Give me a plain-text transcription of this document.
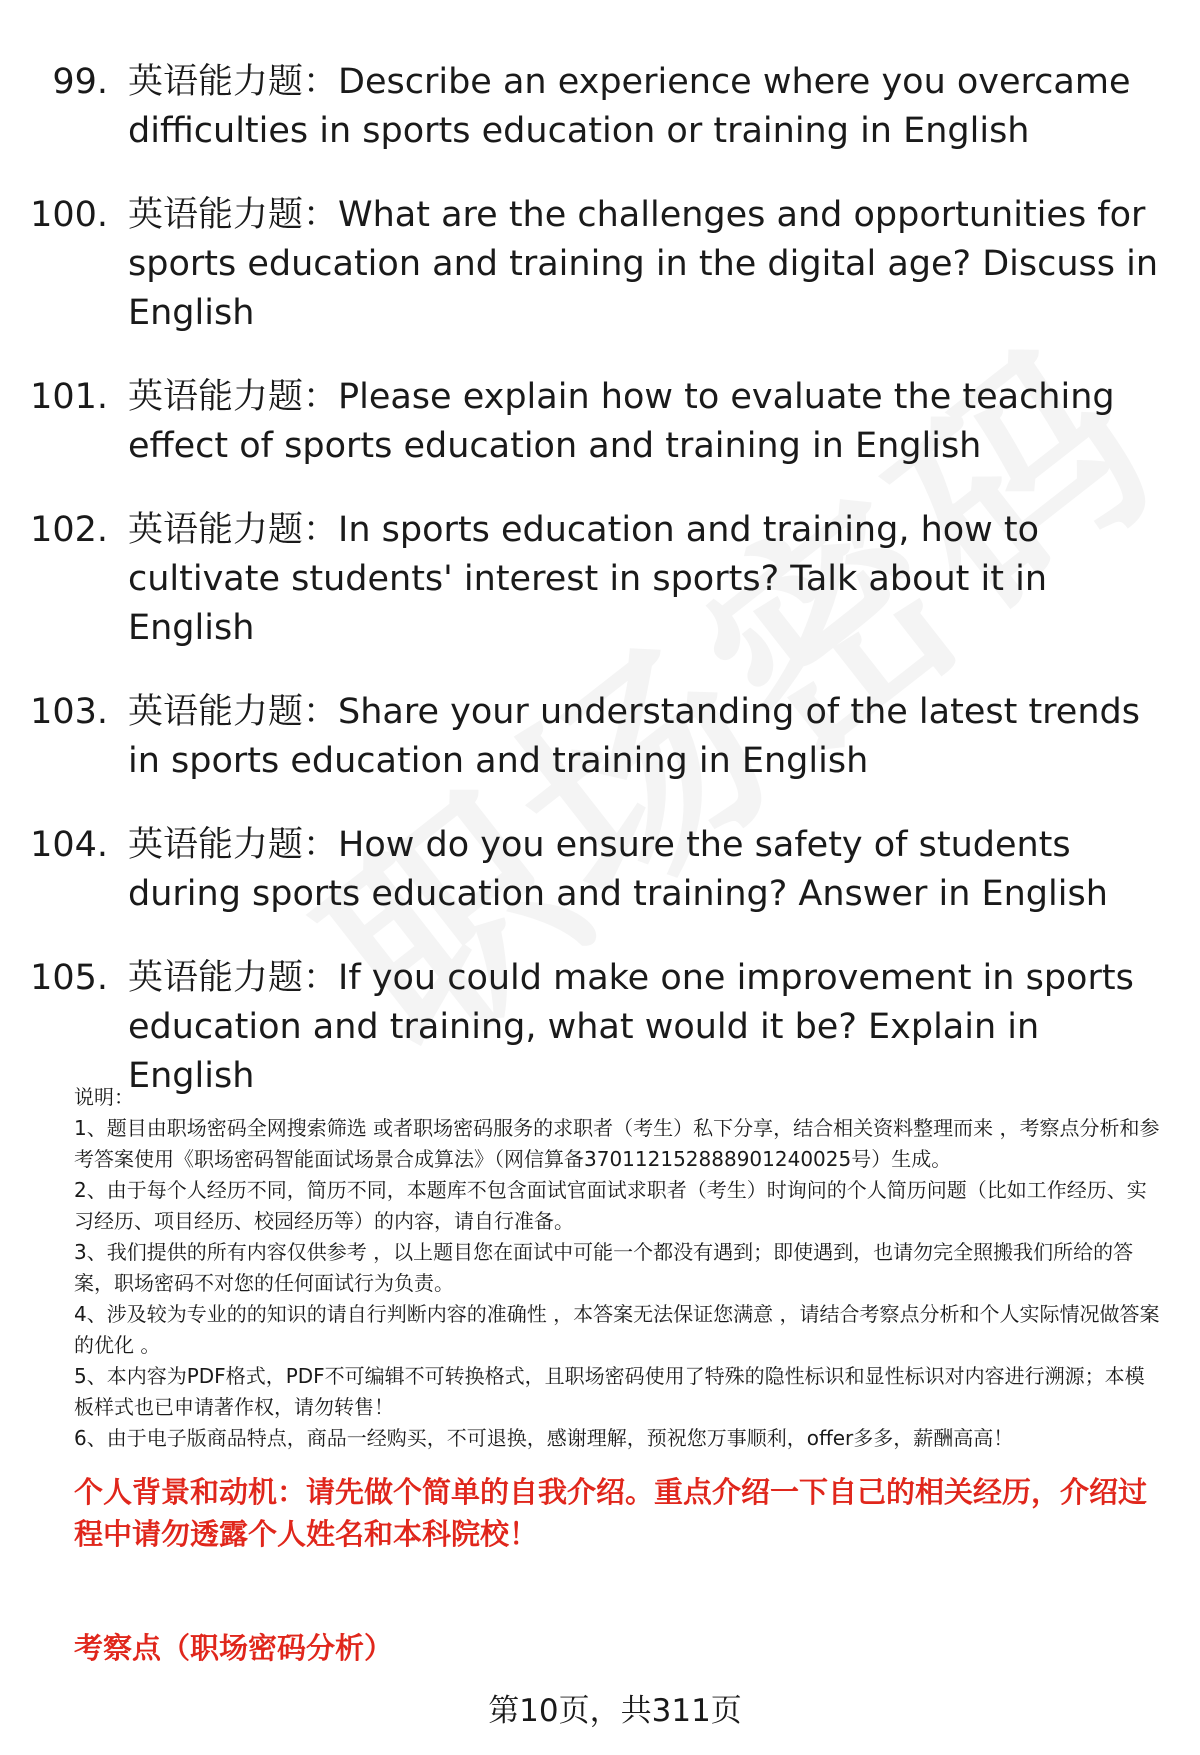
99. 英语能力题：Describe an experience where you overcame difficulties in sports education or training in English
100. 英语能力题：What are the challenges and opportunities for sports education and training in the digital age? Discuss in English
101. 英语能力题：Please explain how to evaluate the teaching effect of sports education and training in English
102. 英语能力题：In sports education and training, how to cultivate students' interest in sports? Talk about it in English
103. 英语能力题：Share your understanding of the latest trends in sports education and training in English
104. 英语能力题：How do you ensure the safety of students during sports education and training? Answer in English
105. 英语能力题：If you could make one improvement in sports education and training, what would it be? Explain in English

说明：

1、题目由职场密码全网搜索筛选 或者职场密码服务的求职者（考生）私下分享，结合相关资料整理而来 ，考察点分析和参考答案使用《职场密码智能面试场景合成算法》（网信算备370112152888901240025号）生成。

2、由于每个人经历不同，简历不同，本题库不包含面试官面试求职者（考生）时询问的个人简历问题（比如工作经历、实习经历、项目经历、校园经历等）的内容，请自行准备。

3、我们提供的所有内容仅供参考 ，以上题目您在面试中可能一个都没有遇到；即使遇到，也请勿完全照搬我们所给的答案，职场密码不对您的任何面试行为负责。

4、涉及较为专业的的知识的请自行判断内容的准确性 ，本答案无法保证您满意 ，请结合考察点分析和个人实际情况做答案的优化 。

5、本内容为PDF格式，PDF不可编辑不可转换格式，且职场密码使用了特殊的隐性标识和显性标识对内容进行溯源；本模板样式也已申请著作权，请勿转售！

6、由于电子版商品特点，商品一经购买，不可退换，感谢理解，预祝您万事顺利，offer多多，薪酬高高！

个人背景和动机：请先做个简单的自我介绍。重点介绍一下自己的相关经历，介绍过程中请勿透露个人姓名和本科院校！
考察点（职场密码分析）
第10页，共311页
